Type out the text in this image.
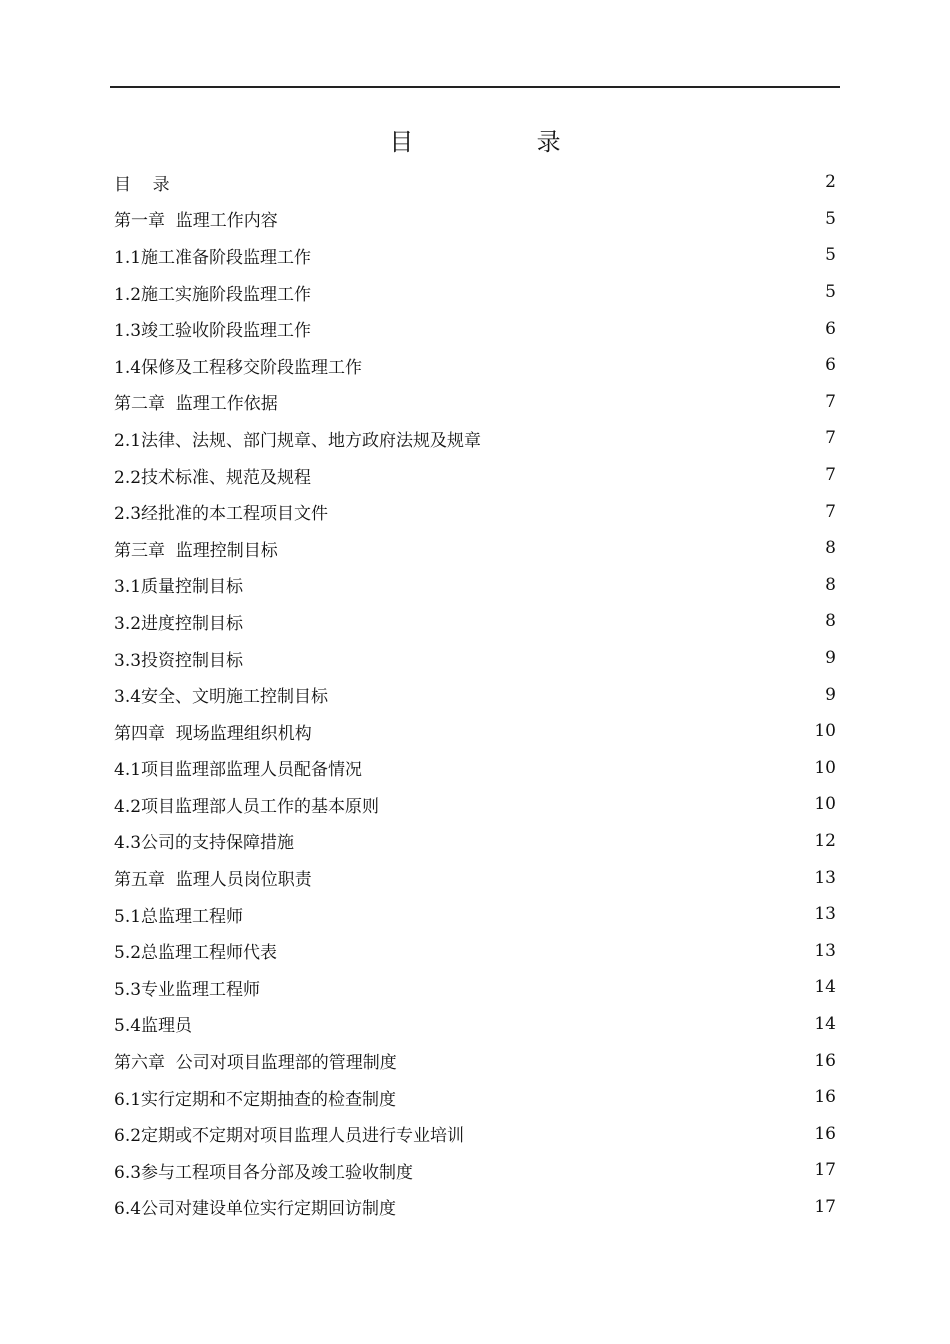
目  录
目    录	2
第一章  监理工作内容	5
1.1施工准备阶段监理工作	5
1.2施工实施阶段监理工作	5
1.3竣工验收阶段监理工作	6
1.4保修及工程移交阶段监理工作	6
第二章  监理工作依据	7
2.1法律、法规、部门规章、地方政府法规及规章	7
2.2技术标准、规范及规程	7
2.3经批准的本工程项目文件	7
第三章  监理控制目标	8
3.1质量控制目标	8
3.2进度控制目标	8
3.3投资控制目标	9
3.4安全、文明施工控制目标	9
第四章  现场监理组织机构	10
4.1项目监理部监理人员配备情况	10
4.2项目监理部人员工作的基本原则	10
4.3公司的支持保障措施	12
第五章  监理人员岗位职责	13
5.1总监理工程师	13
5.2总监理工程师代表	13
5.3专业监理工程师	14
5.4监理员	14
第六章  公司对项目监理部的管理制度	16
6.1实行定期和不定期抽查的检查制度	16
6.2定期或不定期对项目监理人员进行专业培训	16
6.3参与工程项目各分部及竣工验收制度	17
6.4公司对建设单位实行定期回访制度	17
